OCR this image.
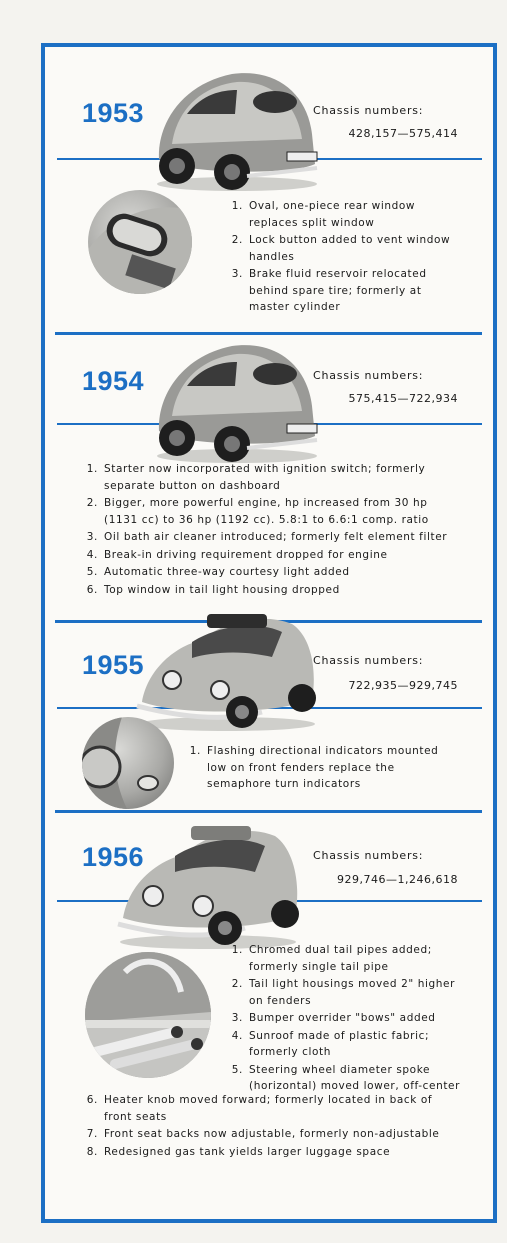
1953	Chassis numbers:
428,157—575,414
1. Oval, one-piece rear window replaces split window
2. Lock button added to vent window handles
3. Brake fluid reservoir relocated behind spare tire; formerly at master cylinder
1954	Chassis numbers:
575,415—722,934
1. Starter now incorporated with ignition switch; formerly separate button on dashboard
2. Bigger, more powerful engine, hp increased from 30 hp (1131 cc) to 36 hp (1192 cc). 5.8:1 to 6.6:1 comp. ratio
3. Oil bath air cleaner introduced; formerly felt element filter
4. Break-in driving requirement dropped for engine
5. Automatic three-way courtesy light added
6. Top window in tail light housing dropped
1955	Chassis numbers:
722,935—929,745
1. Flashing directional indicators mounted low on front fenders replace the semaphore turn indicators
1956	Chassis numbers:
929,746—1,246,618
1. Chromed dual tail pipes added; formerly single tail pipe
2. Tail light housings moved 2" higher on fenders
3. Bumper overrider "bows" added
4. Sunroof made of plastic fabric; formerly cloth
5. Steering wheel diameter spoke (horizontal) moved lower, off-center
6. Heater knob moved forward; formerly located in back of front seats
7. Front seat backs now adjustable, formerly non-adjustable
8. Redesigned gas tank yields larger luggage space
